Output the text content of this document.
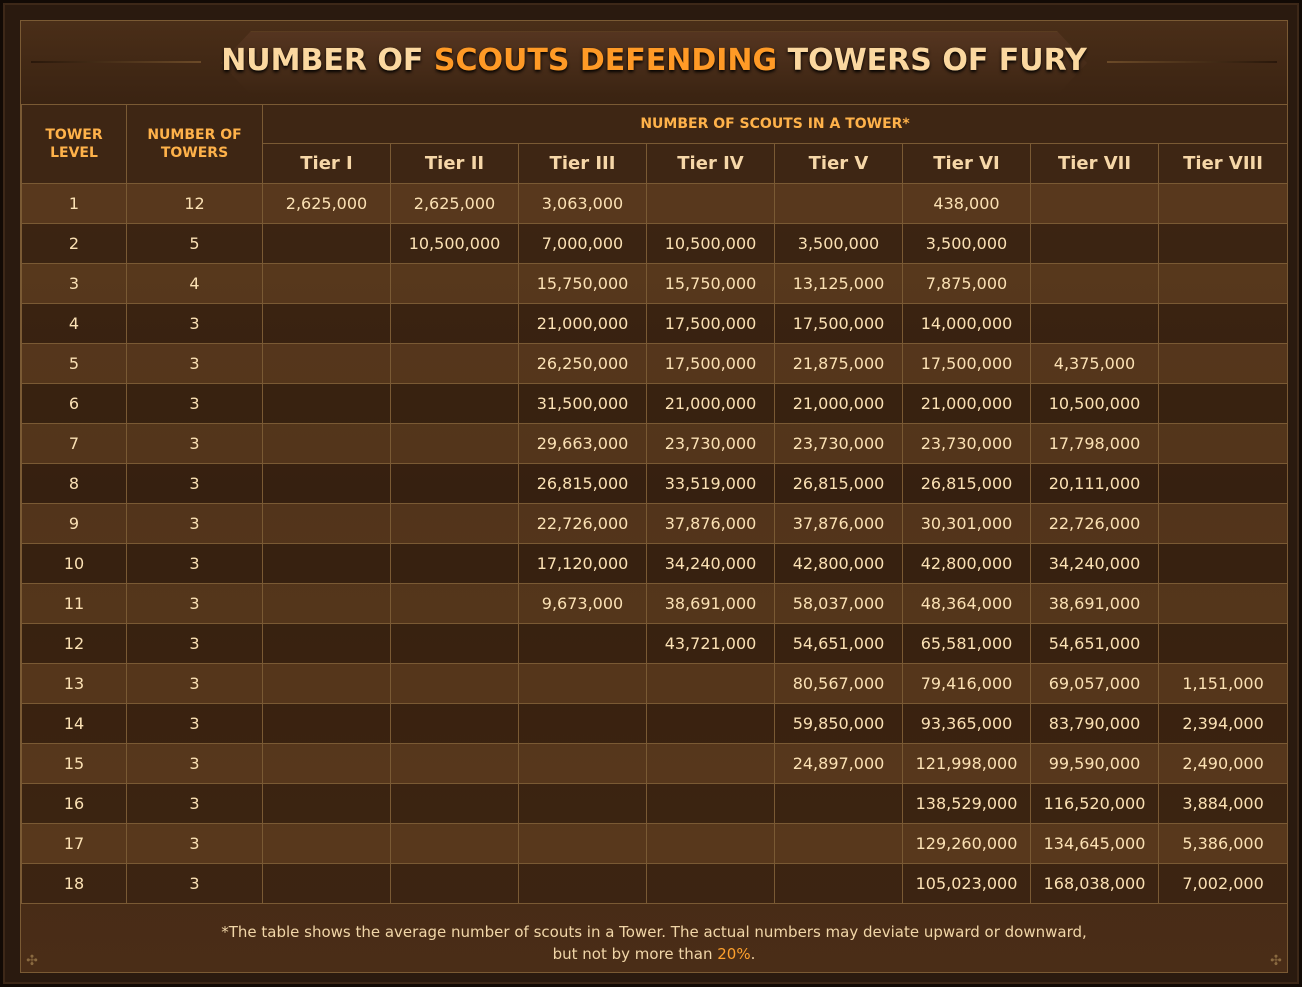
✣	✣
NUMBER OF SCOUTS DEFENDING TOWERS OF FURY
TOWER LEVEL	NUMBER OF TOWERS	NUMBER OF SCOUTS IN A TOWER*							
		Tier I	Tier II	Tier III	Tier IV	Tier V	Tier VI	Tier VII	Tier VIII
1	12	2,625,000	2,625,000	3,063,000			438,000		
2	5		10,500,000	7,000,000	10,500,000	3,500,000	3,500,000		
3	4			15,750,000	15,750,000	13,125,000	7,875,000		
4	3			21,000,000	17,500,000	17,500,000	14,000,000		
5	3			26,250,000	17,500,000	21,875,000	17,500,000	4,375,000	
6	3			31,500,000	21,000,000	21,000,000	21,000,000	10,500,000	
7	3			29,663,000	23,730,000	23,730,000	23,730,000	17,798,000	
8	3			26,815,000	33,519,000	26,815,000	26,815,000	20,111,000	
9	3			22,726,000	37,876,000	37,876,000	30,301,000	22,726,000	
10	3			17,120,000	34,240,000	42,800,000	42,800,000	34,240,000	
11	3			9,673,000	38,691,000	58,037,000	48,364,000	38,691,000	
12	3				43,721,000	54,651,000	65,581,000	54,651,000	
13	3					80,567,000	79,416,000	69,057,000	1,151,000
14	3					59,850,000	93,365,000	83,790,000	2,394,000
15	3					24,897,000	121,998,000	99,590,000	2,490,000
16	3						138,529,000	116,520,000	3,884,000
17	3						129,260,000	134,645,000	5,386,000
18	3						105,023,000	168,038,000	7,002,000
*The table shows the average number of scouts in a Tower. The actual numbers may deviate upward or downward,
but not by more than 20%.
